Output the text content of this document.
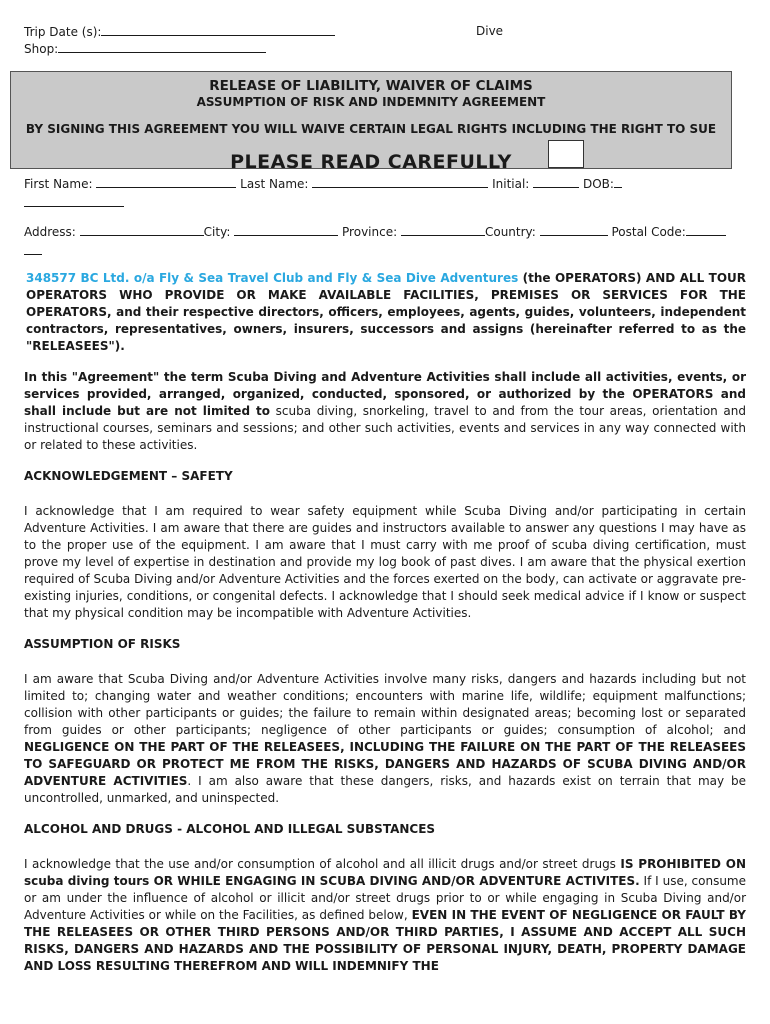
Trip Date (s):	Dive
Shop:
RELEASE OF LIABILITY, WAIVER OF CLAIMS
ASSUMPTION OF RISK AND INDEMNITY AGREEMENT
BY SIGNING THIS AGREEMENT YOU WILL WAIVE CERTAIN LEGAL RIGHTS INCLUDING THE RIGHT TO SUE
PLEASE READ CAREFULLY
First Name:	Last Name:	Initial:	DOB:
Address:	City:	Province:	Country:	Postal Code:

348577 BC Ltd. o/a Fly & Sea Travel Club and Fly & Sea Dive Adventures (the OPERATORS) AND ALL TOUR OPERATORS WHO PROVIDE OR MAKE AVAILABLE FACILITIES, PREMISES OR SERVICES FOR THE OPERATORS, and their respective directors, officers, employees, agents, guides, volunteers, independent contractors, representatives, owners, insurers, successors and assigns (hereinafter referred to as the "RELEASEES").

In this "Agreement" the term Scuba Diving and Adventure Activities shall include all activities, events, or services provided, arranged, organized, conducted, sponsored, or authorized by the OPERATORS and shall include but are not limited to scuba diving, snorkeling, travel to and from the tour areas, orientation and instructional courses, seminars and sessions; and other such activities, events and services in any way connected with or related to these activities.

ACKNOWLEDGEMENT – SAFETY

I acknowledge that I am required to wear safety equipment while Scuba Diving and/or participating in certain Adventure Activities. I am aware that there are guides and instructors available to answer any questions I may have as to the proper use of the equipment. I am aware that I must carry with me proof of scuba diving certification, must prove my level of expertise in destination and provide my log book of past dives. I am aware that the physical exertion required of Scuba Diving and/or Adventure Activities and the forces exerted on the body, can activate or aggravate pre-existing injuries, conditions, or congenital defects. I acknowledge that I should seek medical advice if I know or suspect that my physical condition may be incompatible with Adventure Activities.

ASSUMPTION OF RISKS

I am aware that Scuba Diving and/or Adventure Activities involve many risks, dangers and hazards including but not limited to; changing water and weather conditions; encounters with marine life, wildlife; equipment malfunctions; collision with other participants or guides; the failure to remain within designated areas; becoming lost or separated from guides or other participants; negligence of other participants or guides; consumption of alcohol; and NEGLIGENCE ON THE PART OF THE RELEASEES, INCLUDING THE FAILURE ON THE PART OF THE RELEASEES TO SAFEGUARD OR PROTECT ME FROM THE RISKS, DANGERS AND HAZARDS OF SCUBA DIVING AND/OR ADVENTURE ACTIVITIES. I am also aware that these dangers, risks, and hazards exist on terrain that may be uncontrolled, unmarked, and uninspected.

ALCOHOL AND DRUGS - ALCOHOL AND ILLEGAL SUBSTANCES

I acknowledge that the use and/or consumption of alcohol and all illicit drugs and/or street drugs IS PROHIBITED ON scuba diving tours OR WHILE ENGAGING IN SCUBA DIVING AND/OR ADVENTURE ACTIVITES. If I use, consume or am under the influence of alcohol or illicit and/or street drugs prior to or while engaging in Scuba Diving and/or Adventure Activities or while on the Facilities, as defined below, EVEN IN THE EVENT OF NEGLIGENCE OR FAULT BY THE RELEASEES OR OTHER THIRD PERSONS AND/OR THIRD PARTIES, I ASSUME AND ACCEPT ALL SUCH RISKS, DANGERS AND HAZARDS AND THE POSSIBILITY OF PERSONAL INJURY, DEATH, PROPERTY DAMAGE AND LOSS RESULTING THEREFROM AND WILL INDEMNIFY THE
